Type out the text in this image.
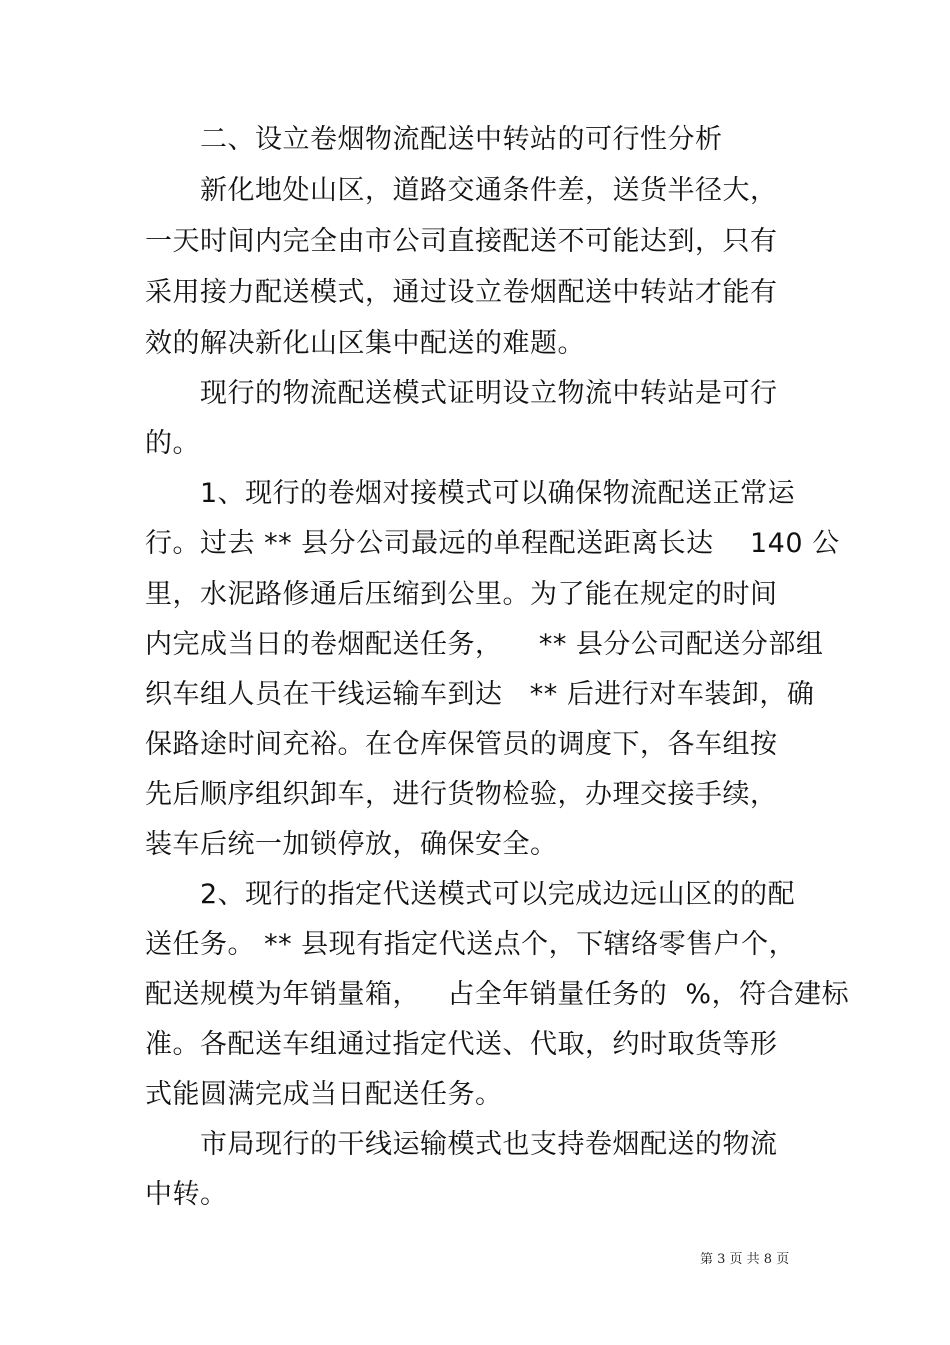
二、设立卷烟物流配送中转站的可行性分析
新化地处山区，道路交通条件差，送货半径大，
一天时间内完全由市公司直接配送不可能达到，只有
采用接力配送模式，通过设立卷烟配送中转站才能有
效的解决新化山区集中配送的难题。
现行的物流配送模式证明设立物流中转站是可行
的。
1、现行的卷烟对接模式可以确保物流配送正常运
行。过去 ** 县分公司最远的单程配送距离长达    140 公
里，水泥路修通后压缩到公里。为了能在规定的时间
内完成当日的卷烟配送任务，    ** 县分公司配送分部组
织车组人员在干线运输车到达   ** 后进行对车装卸，确
保路途时间充裕。在仓库保管员的调度下，各车组按
先后顺序组织卸车，进行货物检验，办理交接手续，
装车后统一加锁停放，确保安全。
2、现行的指定代送模式可以完成边远山区的的配
送任务。 ** 县现有指定代送点个，下辖络零售户个，
配送规模为年销量箱，   占全年销量任务的  %，符合建标
准。各配送车组通过指定代送、代取，约时取货等形
式能圆满完成当日配送任务。
市局现行的干线运输模式也支持卷烟配送的物流
中转。
第 3 页 共 8 页
